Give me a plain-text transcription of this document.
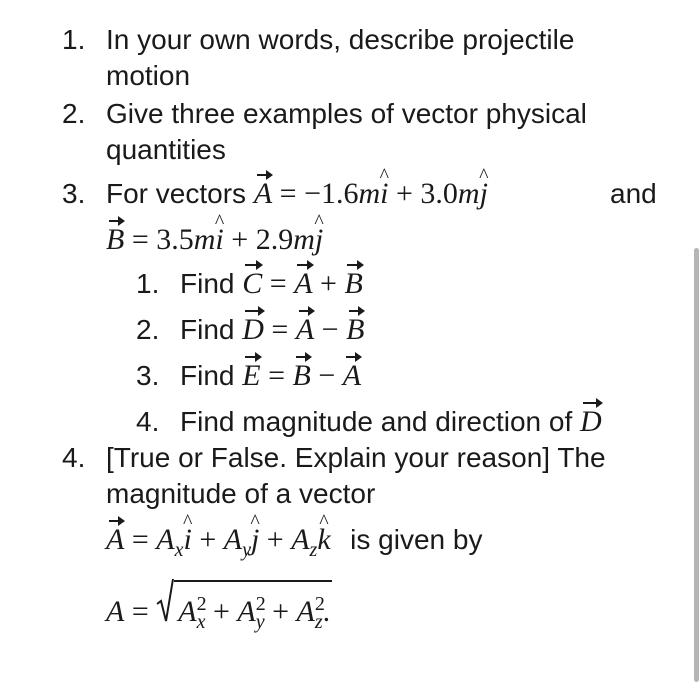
1. In your own words, describe projectile
motion
2. Give three examples of vector physical
quantities
3. For vectors A = −1.6m^ i + 3.0m^ j	and
B = 3.5m^ i + 2.9m^ j
1. Find C = A + B
2. Find D = A − B
3. Find E = B − A
4. Find magnitude and direction of D
4. [True or False. Explain your reason] The
magnitude of a vector
$A = A_x\^{}$ $i + A_y\^{}$ $j + A_z\^{}$ k is given by
A =
$A^2_x + A^2_y + A^2_z$.
